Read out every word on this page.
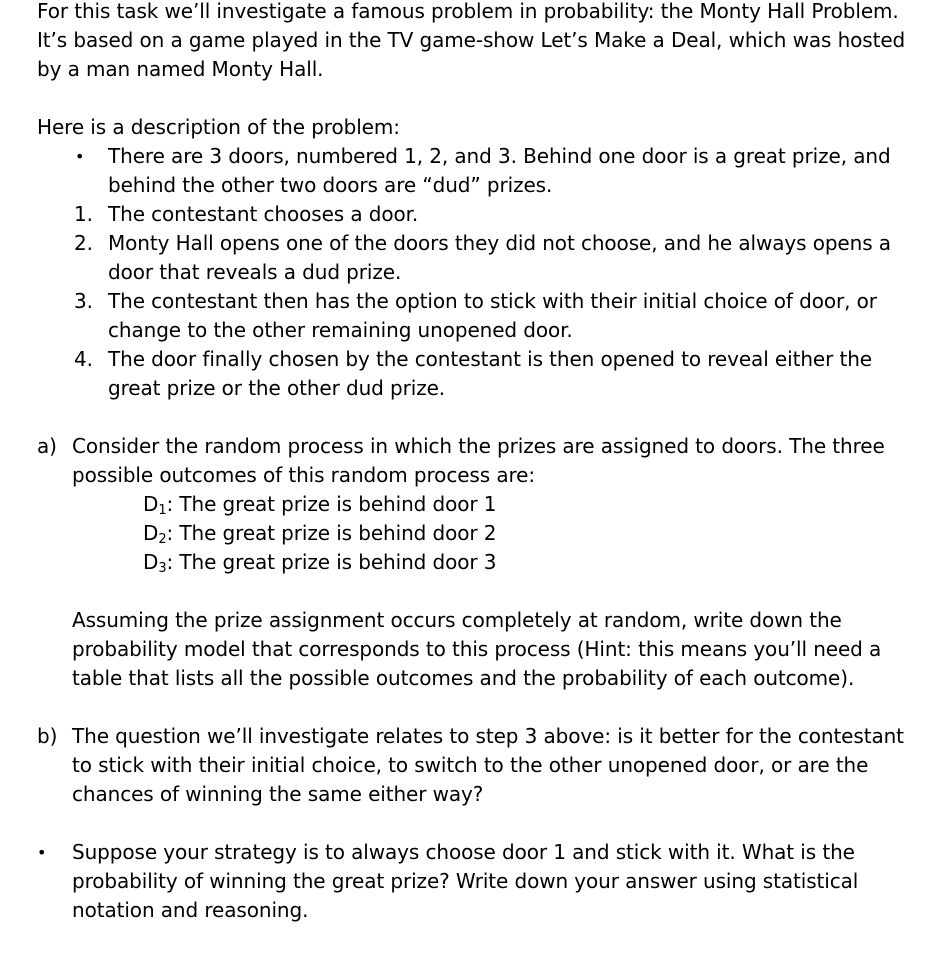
For this task we’ll investigate a famous problem in probability: the Monty Hall Problem. It’s based on a game played in the TV game-show Let’s Make a Deal, which was hosted by a man named Monty Hall.

Here is a description of the problem:

•	There are 3 doors, numbered 1, 2, and 3. Behind one door is a great prize, and behind the other two doors are “dud” prizes.
1. The contestant chooses a door.
2. Monty Hall opens one of the doors they did not choose, and he always opens a door that reveals a dud prize.
3. The contestant then has the option to stick with their initial choice of door, or change to the other remaining unopened door.
4. The door finally chosen by the contestant is then opened to reveal either the great prize or the other dud prize.
a) Consider the random process in which the prizes are assigned to doors. The three possible outcomes of this random process are:
$D_1$: The great prize is behind door 1
$D_2$: The great prize is behind door 2
$D_3$: The great prize is behind door 3
Assuming the prize assignment occurs completely at random, write down the probability model that corresponds to this process (Hint: this means you’ll need a table that lists all the possible outcomes and the probability of each outcome).
b) The question we’ll investigate relates to step 3 above: is it better for the contestant to stick with their initial choice, to switch to the other unopened door, or are the chances of winning the same either way?
• Suppose your strategy is to always choose door 1 and stick with it. What is the probability of winning the great prize? Write down your answer using statistical notation and reasoning.
